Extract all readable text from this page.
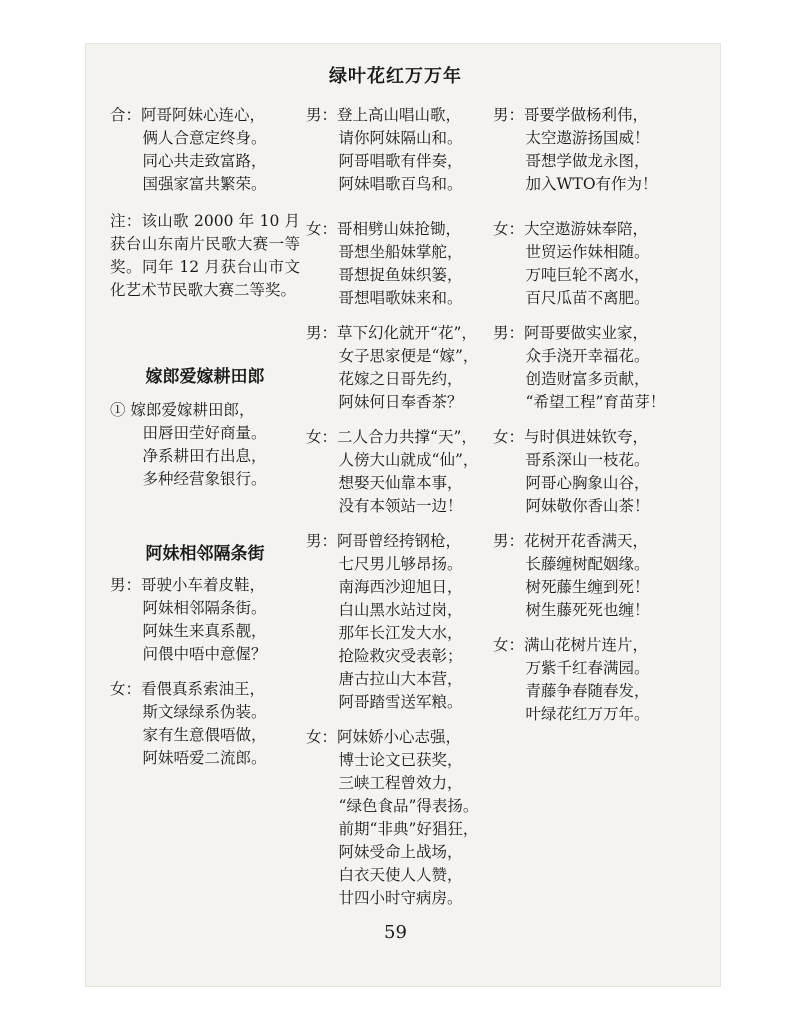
绿叶花红万万年
合：阿哥阿妹心连心，
俩人合意定终身。
同心共走致富路，
国强家富共繁荣。
注：该山歌 2000 年 10 月获台山东南片民歌大赛一等奖。同年 12 月获台山市文化艺术节民歌大赛二等奖。
嫁郎爱嫁耕田郎
① 嫁郎爱嫁耕田郎，
田唇田茔好商量。
净系耕田冇出息，
多种经营象银行。
阿妹相邻隔条街
男：哥驶小车着皮鞋，
阿妹相邻隔条街。
阿妹生来真系靓，
问偎中唔中意偓？
女：看偎真系索油王，
斯文绿绿系伪装。
家有生意偎唔做，
阿妹唔爱二流郎。
男：登上高山唱山歌，
请你阿妹隔山和。
阿哥唱歌有伴奏，
阿妹唱歌百鸟和。
女：哥相劈山妹抢锄，
哥想坐船妹掌舵，
哥想捉鱼妹织篓，
哥想唱歌妹来和。
男：草下幻化就开“花”，
女子思家便是“嫁”，
花嫁之日哥先约，
阿妹何日奉香茶？
女：二人合力共撑“天”，
人傍大山就成“仙”，
想娶天仙靠本事，
没有本领站一边！
男：阿哥曾经挎钢枪，
七尺男儿够昂扬。
南海西沙迎旭日，
白山黑水站过岗，
那年长江发大水，
抢险救灾受表彰；
唐古拉山大本营，
阿哥踏雪送军粮。
女：阿妹娇小心志强，
博士论文已获奖，
三峡工程曾效力，
“绿色食品”得表扬。
前期“非典”好猖狂，
阿妹受命上战场，
白衣天使人人赞，
廿四小时守病房。
男：哥要学做杨利伟，
太空遨游扬国威！
哥想学做龙永图，
加入WTO有作为！
女：大空遨游妹奉陪，
世贸运作妹相随。
万吨巨轮不离水，
百尺瓜苗不离肥。
男：阿哥要做实业家，
众手浇开幸福花。
创造财富多贡献，
“希望工程”育苗芽！
女：与时俱进妹钦夸，
哥系深山一枝花。
阿哥心胸象山谷，
阿妹敬你香山茶！
男：花树开花香满天，
长藤缠树配姻缘。
树死藤生缠到死！
树生藤死死也缠！
女：满山花树片连片，
万紫千红春满园。
青藤争春随春发，
叶绿花红万万年。
59
